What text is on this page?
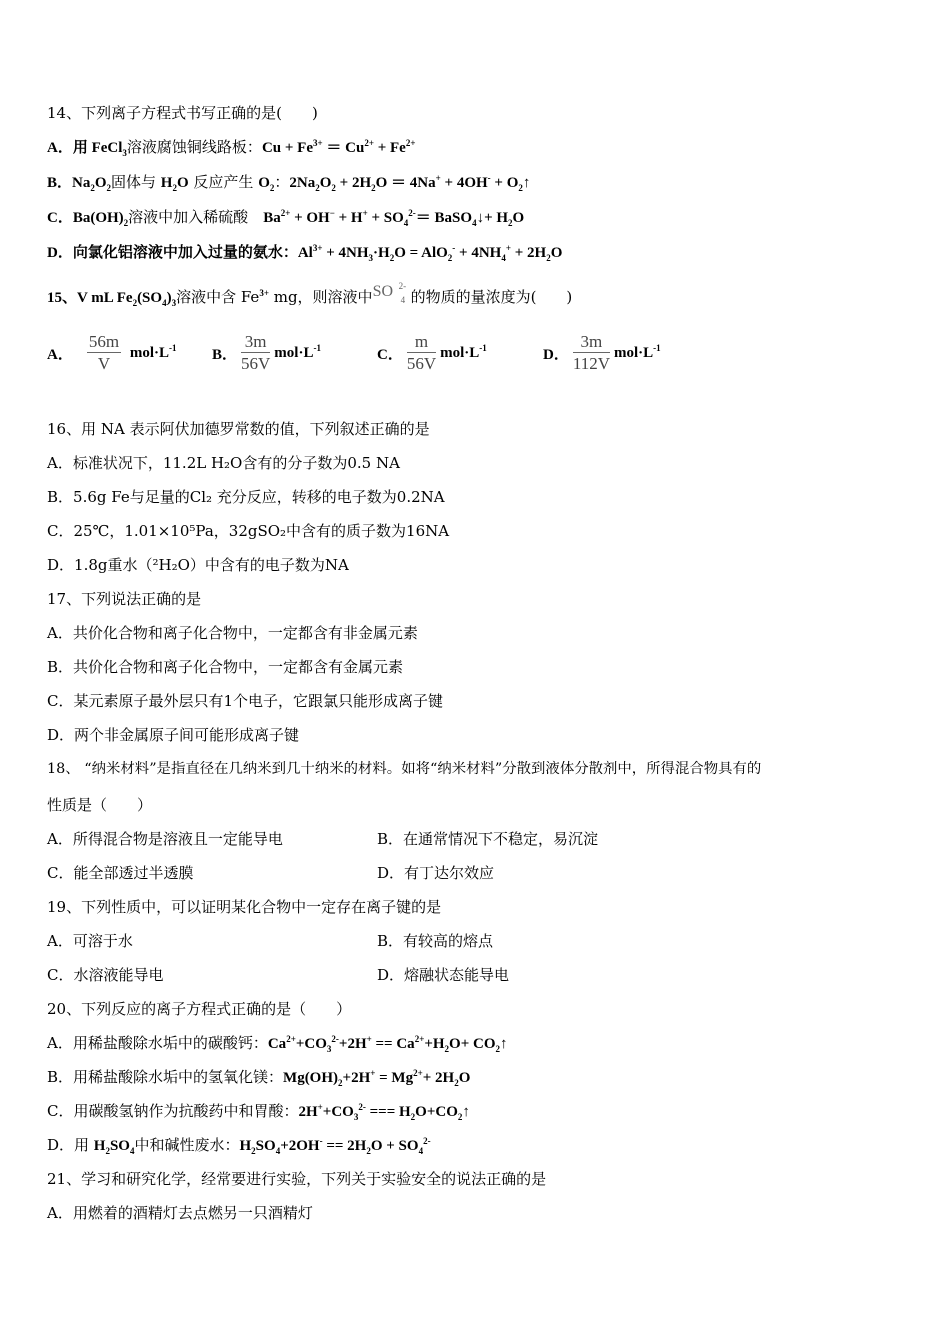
14、下列离子方程式书写正确的是(　　)
A．用 FeCl$_3$溶液腐蚀铜线路板：$Cu + Fe^{3+} = Cu^{2+} + Fe^{2+}$
B．$Na_2O_2$固体与 $H_2O$ 反应产生 $O_2$：$2Na_2O_2 + 2H_2O = 4Na^+ + 4OH^-$ + $O_2↑$
C．$Ba(OH)_2$溶液中加入稀硫酸　$Ba^{2+} + OH^- + H^+ + SO_4^{2-}=$ BaSO$_4$↓+ $H_2O$
D．向氯化铝溶液中加入过量的氨水：$Al^{3+} + 4NH_3\cdot H_2O = AlO_2^- + 4NH_4^+ + 2H_2O$
15、V mL $Fe_2(SO_4)_3$溶液中含 $Fe^{3+}$ mg，则溶液中 SO 2-
4 的物质的量浓度为(　　)
A． $\frac{56m}{V} mol\cdot L^{-1}$ B． $\frac{3m}{56V} mol\cdot L^{-1}$	C． $\frac{m}{56V} mol\cdot L^{-1}$	D． $\frac{3m}{112V} mol\cdot L^{-1}$
16、用 NA 表示阿伏加德罗常数的值，下列叙述正确的是
A．标准状况下，11.2L H₂O含有的分子数为0.5 NA
B．5.6g Fe与足量的Cl₂ 充分反应，转移的电子数为0.2NA
C．25℃，1.01×10⁵Pa，32gSO₂中含有的质子数为16NA
D．1.8g重水（²H₂O）中含有的电子数为NA
17、下列说法正确的是
A．共价化合物和离子化合物中，一定都含有非金属元素
B．共价化合物和离子化合物中，一定都含有金属元素
C．某元素原子最外层只有1个电子，它跟氯只能形成离子键
D．两个非金属原子间可能形成离子键
18、 “纳米材料”是指直径在几纳米到几十纳米的材料。如将“纳米材料”分散到液体分散剂中，所得混合物具有的
性质是（　　）
A．所得混合物是溶液且一定能导电	B．在通常情况下不稳定，易沉淀
C．能全部透过半透膜	D．有丁达尔效应
19、下列性质中，可以证明某化合物中一定存在离子键的是
A．可溶于水	B．有较高的熔点
C．水溶液能导电	D．熔融状态能导电
20、下列反应的离子方程式正确的是（　　）
A．用稀盐酸除水垢中的碳酸钙：$Ca^{2+}+CO_3^{2-}+2H^+ == Ca^{2+}+H_2O+$ $CO_2↑$
B．用稀盐酸除水垢中的氢氧化镁：$Mg(OH)_2+2H^+ = Mg^{2+}+ 2H_2O$
C．用碳酸氢钠作为抗酸药中和胃酸：$2H^++CO_3^{2-}$ === $H_2O+CO_2↑$
D．用 $H_2SO_4$中和碱性废水：$H_2SO_4+2OH^- == 2H_2O + SO_4^{2-}$
21、学习和研究化学，经常要进行实验，下列关于实验安全的说法正确的是
A．用燃着的酒精灯去点燃另一只酒精灯
